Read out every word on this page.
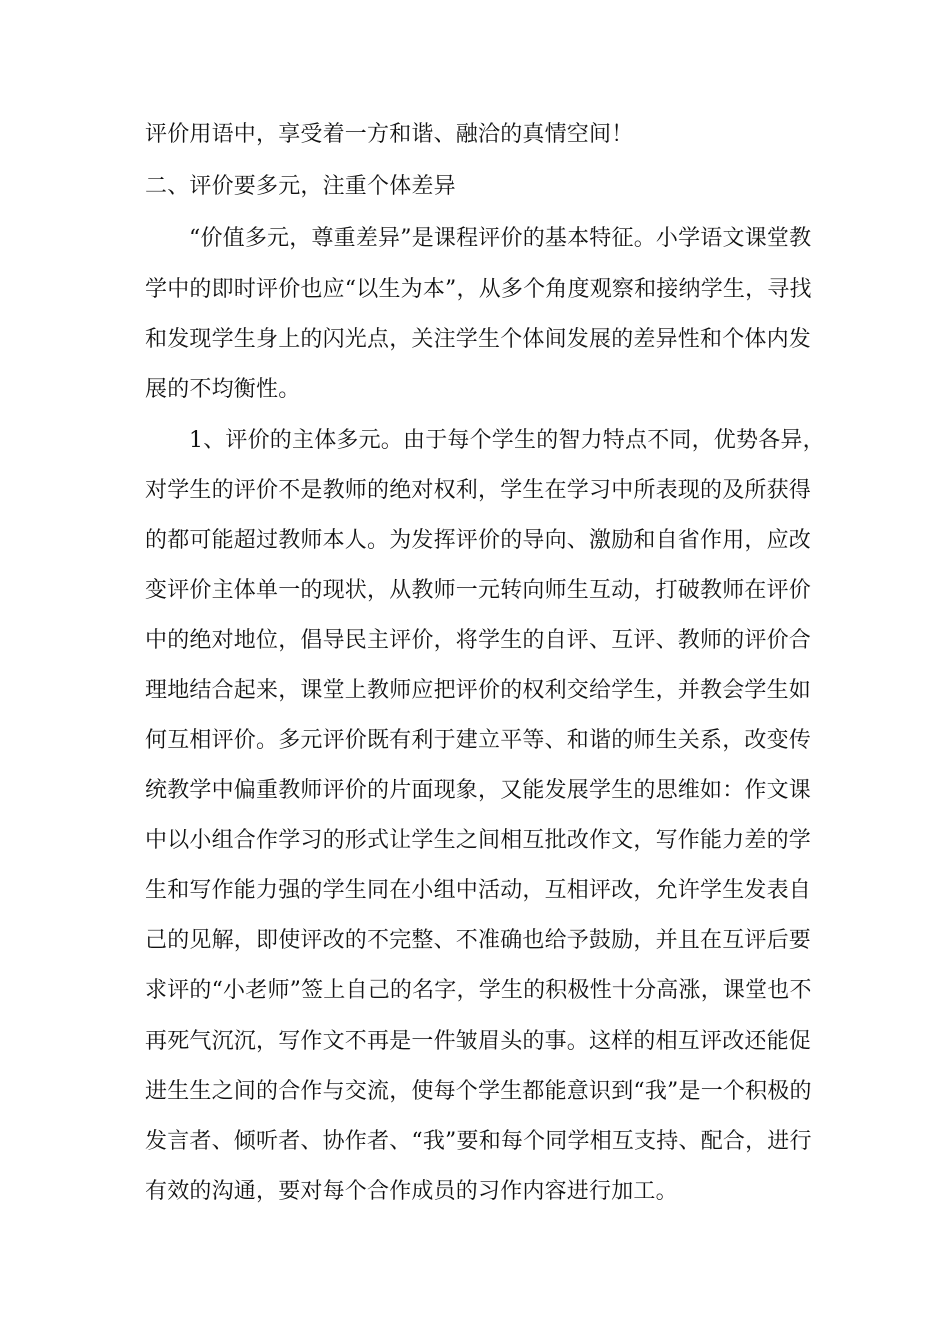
评价用语中，享受着一方和谐、融洽的真情空间！
二、评价要多元，注重个体差异
“价值多元，尊重差异”是课程评价的基本特征。小学语文课堂教
学中的即时评价也应“以生为本”，从多个角度观察和接纳学生，寻找
和发现学生身上的闪光点，关注学生个体间发展的差异性和个体内发
展的不均衡性。
1、评价的主体多元。由于每个学生的智力特点不同，优势各异，
对学生的评价不是教师的绝对权利，学生在学习中所表现的及所获得
的都可能超过教师本人。为发挥评价的导向、激励和自省作用，应改
变评价主体单一的现状，从教师一元转向师生互动，打破教师在评价
中的绝对地位，倡导民主评价，将学生的自评、互评、教师的评价合
理地结合起来，课堂上教师应把评价的权利交给学生，并教会学生如
何互相评价。多元评价既有利于建立平等、和谐的师生关系，改变传
统教学中偏重教师评价的片面现象，又能发展学生的思维如：作文课
中以小组合作学习的形式让学生之间相互批改作文，写作能力差的学
生和写作能力强的学生同在小组中活动，互相评改，允许学生发表自
己的见解，即使评改的不完整、不准确也给予鼓励，并且在互评后要
求评的“小老师”签上自己的名字，学生的积极性十分高涨，课堂也不
再死气沉沉，写作文不再是一件皱眉头的事。这样的相互评改还能促
进生生之间的合作与交流，使每个学生都能意识到“我”是一个积极的
发言者、倾听者、协作者、“我”要和每个同学相互支持、配合，进行
有效的沟通，要对每个合作成员的习作内容进行加工。
